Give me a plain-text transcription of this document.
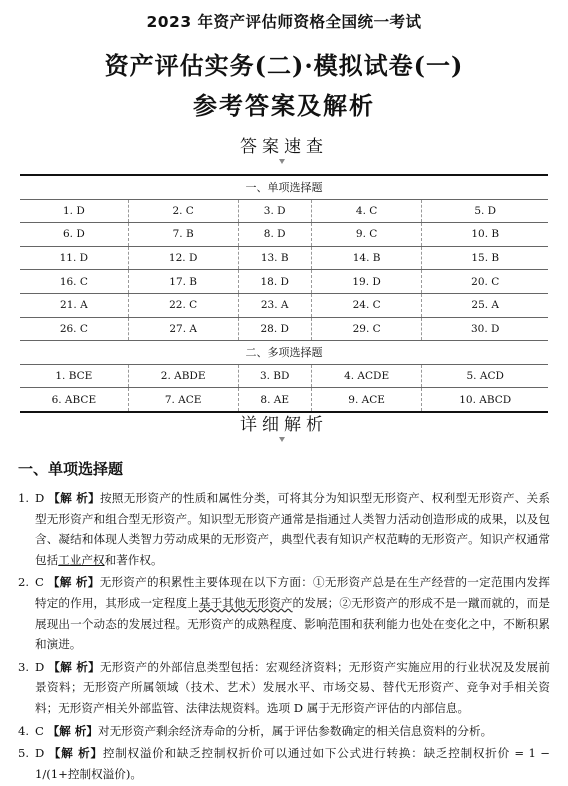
2023 年资产评估师资格全国统一考试
资产评估实务(二)·模拟试卷(一)
参考答案及解析
答案速查
一、单项选择题				
1. D	2. C	3. D	4. C	5. D
6. D	7. B	8. D	9. C	10. B
11. D	12. D	13. B	14. B	15. B
16. C	17. B	18. D	19. D	20. C
21. A	22. C	23. A	24. C	25. A
26. C	27. A	28. D	29. C	30. D
二、多项选择题				
1. BCE	2. ABDE	3. BD	4. ACDE	5. ACD
6. ABCE	7. ACE	8. AE	9. ACE	10. ABCD
详细解析
一、单项选择题
1. D 【解 析】按照无形资产的性质和属性分类，可将其分为知识型无形资产、权利型无形资产、关系型无形资产和组合型无形资产。知识型无形资产通常是指通过人类智力活动创造形成的成果，以及包含、凝结和体现人类智力劳动成果的无形资产，典型代表有知识产权范畴的无形资产。知识产权通常包括工业产权和著作权。
2. C 【解 析】无形资产的积累性主要体现在以下方面：①无形资产总是在生产经营的一定范围内发挥特定的作用，其形成一定程度上基于其他无形资产的发展；②无形资产的形成不是一蹴而就的，而是展现出一个动态的发展过程。无形资产的成熟程度、影响范围和获利能力也处在变化之中，不断积累和演进。
3. D 【解 析】无形资产的外部信息类型包括：宏观经济资料；无形资产实施应用的行业状况及发展前景资料；无形资产所属领域（技术、艺术）发展水平、市场交易、替代无形资产、竞争对手相关资料；无形资产相关外部监管、法律法规资料。选项 D 属于无形资产评估的内部信息。
4. C 【解 析】对无形资产剩余经济寿命的分析，属于评估参数确定的相关信息资料的分析。
5. D 【解 析】控制权溢价和缺乏控制权折价可以通过如下公式进行转换：缺乏控制权折价 = 1 − 1/(1+控制权溢价)。
